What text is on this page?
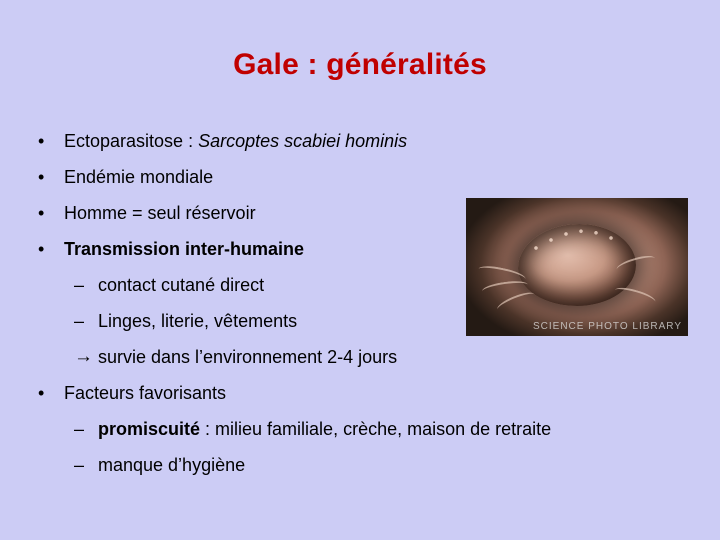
Gale : généralités
• Ectoparasitose : Sarcoptes scabiei hominis
• Endémie mondiale
• Homme = seul réservoir
• Transmission inter-humaine
– contact cutané direct
– Linges, literie, vêtements
→ survie dans l’environnement 2-4 jours
• Facteurs favorisants
– promiscuité : milieu familiale, crèche, maison de retraite
– manque d’hygiène
SCIENCE PHOTO LIBRARY
